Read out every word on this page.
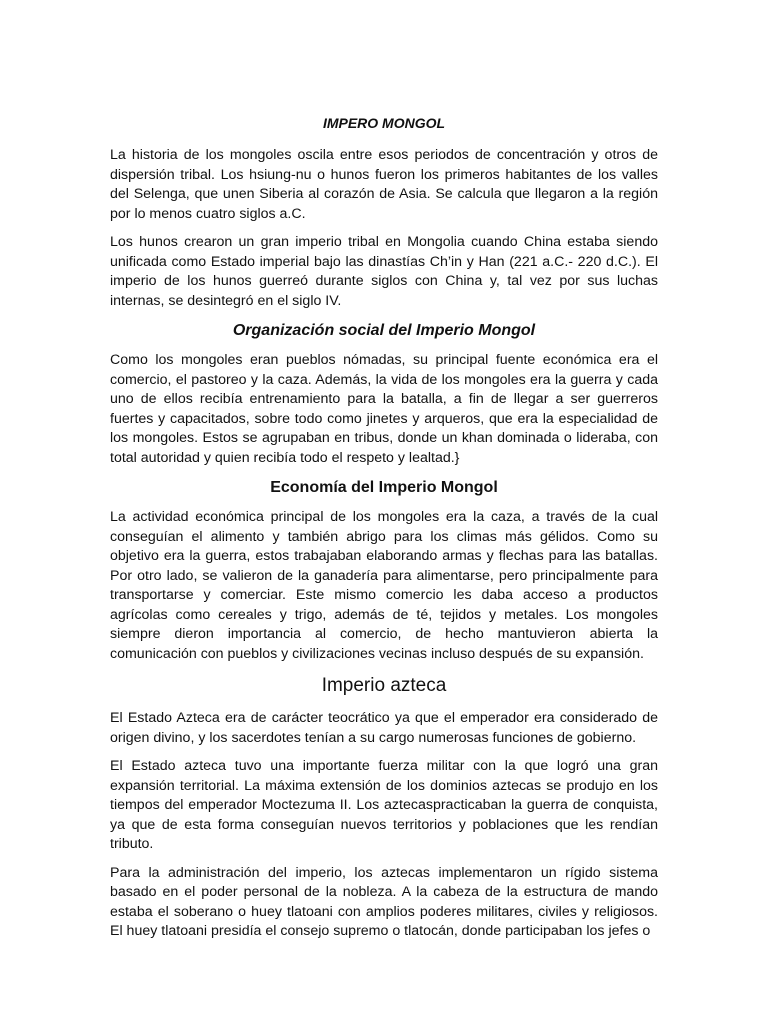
IMPERO MONGOL

La historia de los mongoles oscila entre esos periodos de concentración y otros de dispersión tribal. Los hsiung-nu o hunos fueron los primeros habitantes de los valles del Selenga, que unen Siberia al corazón de Asia. Se calcula que llegaron a la región por lo menos cuatro siglos a.C.

Los hunos crearon un gran imperio tribal en Mongolia cuando China estaba siendo unificada como Estado imperial bajo las dinastías Ch’in y Han (221 a.C.- 220 d.C.). El imperio de los hunos guerreó durante siglos con China y, tal vez por sus luchas internas, se desintegró en el siglo IV.

Organización social del Imperio Mongol

Como los mongoles eran pueblos nómadas, su principal fuente económica era el comercio, el pastoreo y la caza. Además, la vida de los mongoles era la guerra y cada uno de ellos recibía entrenamiento para la batalla, a fin de llegar a ser guerreros fuertes y capacitados, sobre todo como jinetes y arqueros, que era la especialidad de los mongoles. Estos se agrupaban en tribus, donde un khan dominada o lideraba, con total autoridad y quien recibía todo el respeto y lealtad.}

Economía del Imperio Mongol

La actividad económica principal de los mongoles era la caza, a través de la cual conseguían el alimento y también abrigo para los climas más gélidos. Como su objetivo era la guerra, estos trabajaban elaborando armas y flechas para las batallas. Por otro lado, se valieron de la ganadería para alimentarse, pero principalmente para transportarse y comerciar. Este mismo comercio les daba acceso a productos agrícolas como cereales y trigo, además de té, tejidos y metales. Los mongoles siempre dieron importancia al comercio, de hecho mantuvieron abierta la comunicación con pueblos y civilizaciones vecinas incluso después de su expansión.

Imperio azteca

El Estado Azteca era de carácter teocrático ya que el emperador era considerado de origen divino, y los sacerdotes tenían a su cargo numerosas funciones de gobierno.

El Estado azteca tuvo una importante fuerza militar con la que logró una gran expansión territorial. La máxima extensión de los dominios aztecas se produjo en los tiempos del emperador Moctezuma II. Los aztecaspracticaban la guerra de conquista, ya que de esta forma conseguían nuevos territorios y poblaciones que les rendían tributo.

Para la administración del imperio, los aztecas implementaron un rígido sistema basado en el poder personal de la nobleza. A la cabeza de la estructura de mando estaba el soberano o huey tlatoani con amplios poderes militares, civiles y religiosos. El huey tlatoani presidía el consejo supremo o tlatocán, donde participaban los jefes o
